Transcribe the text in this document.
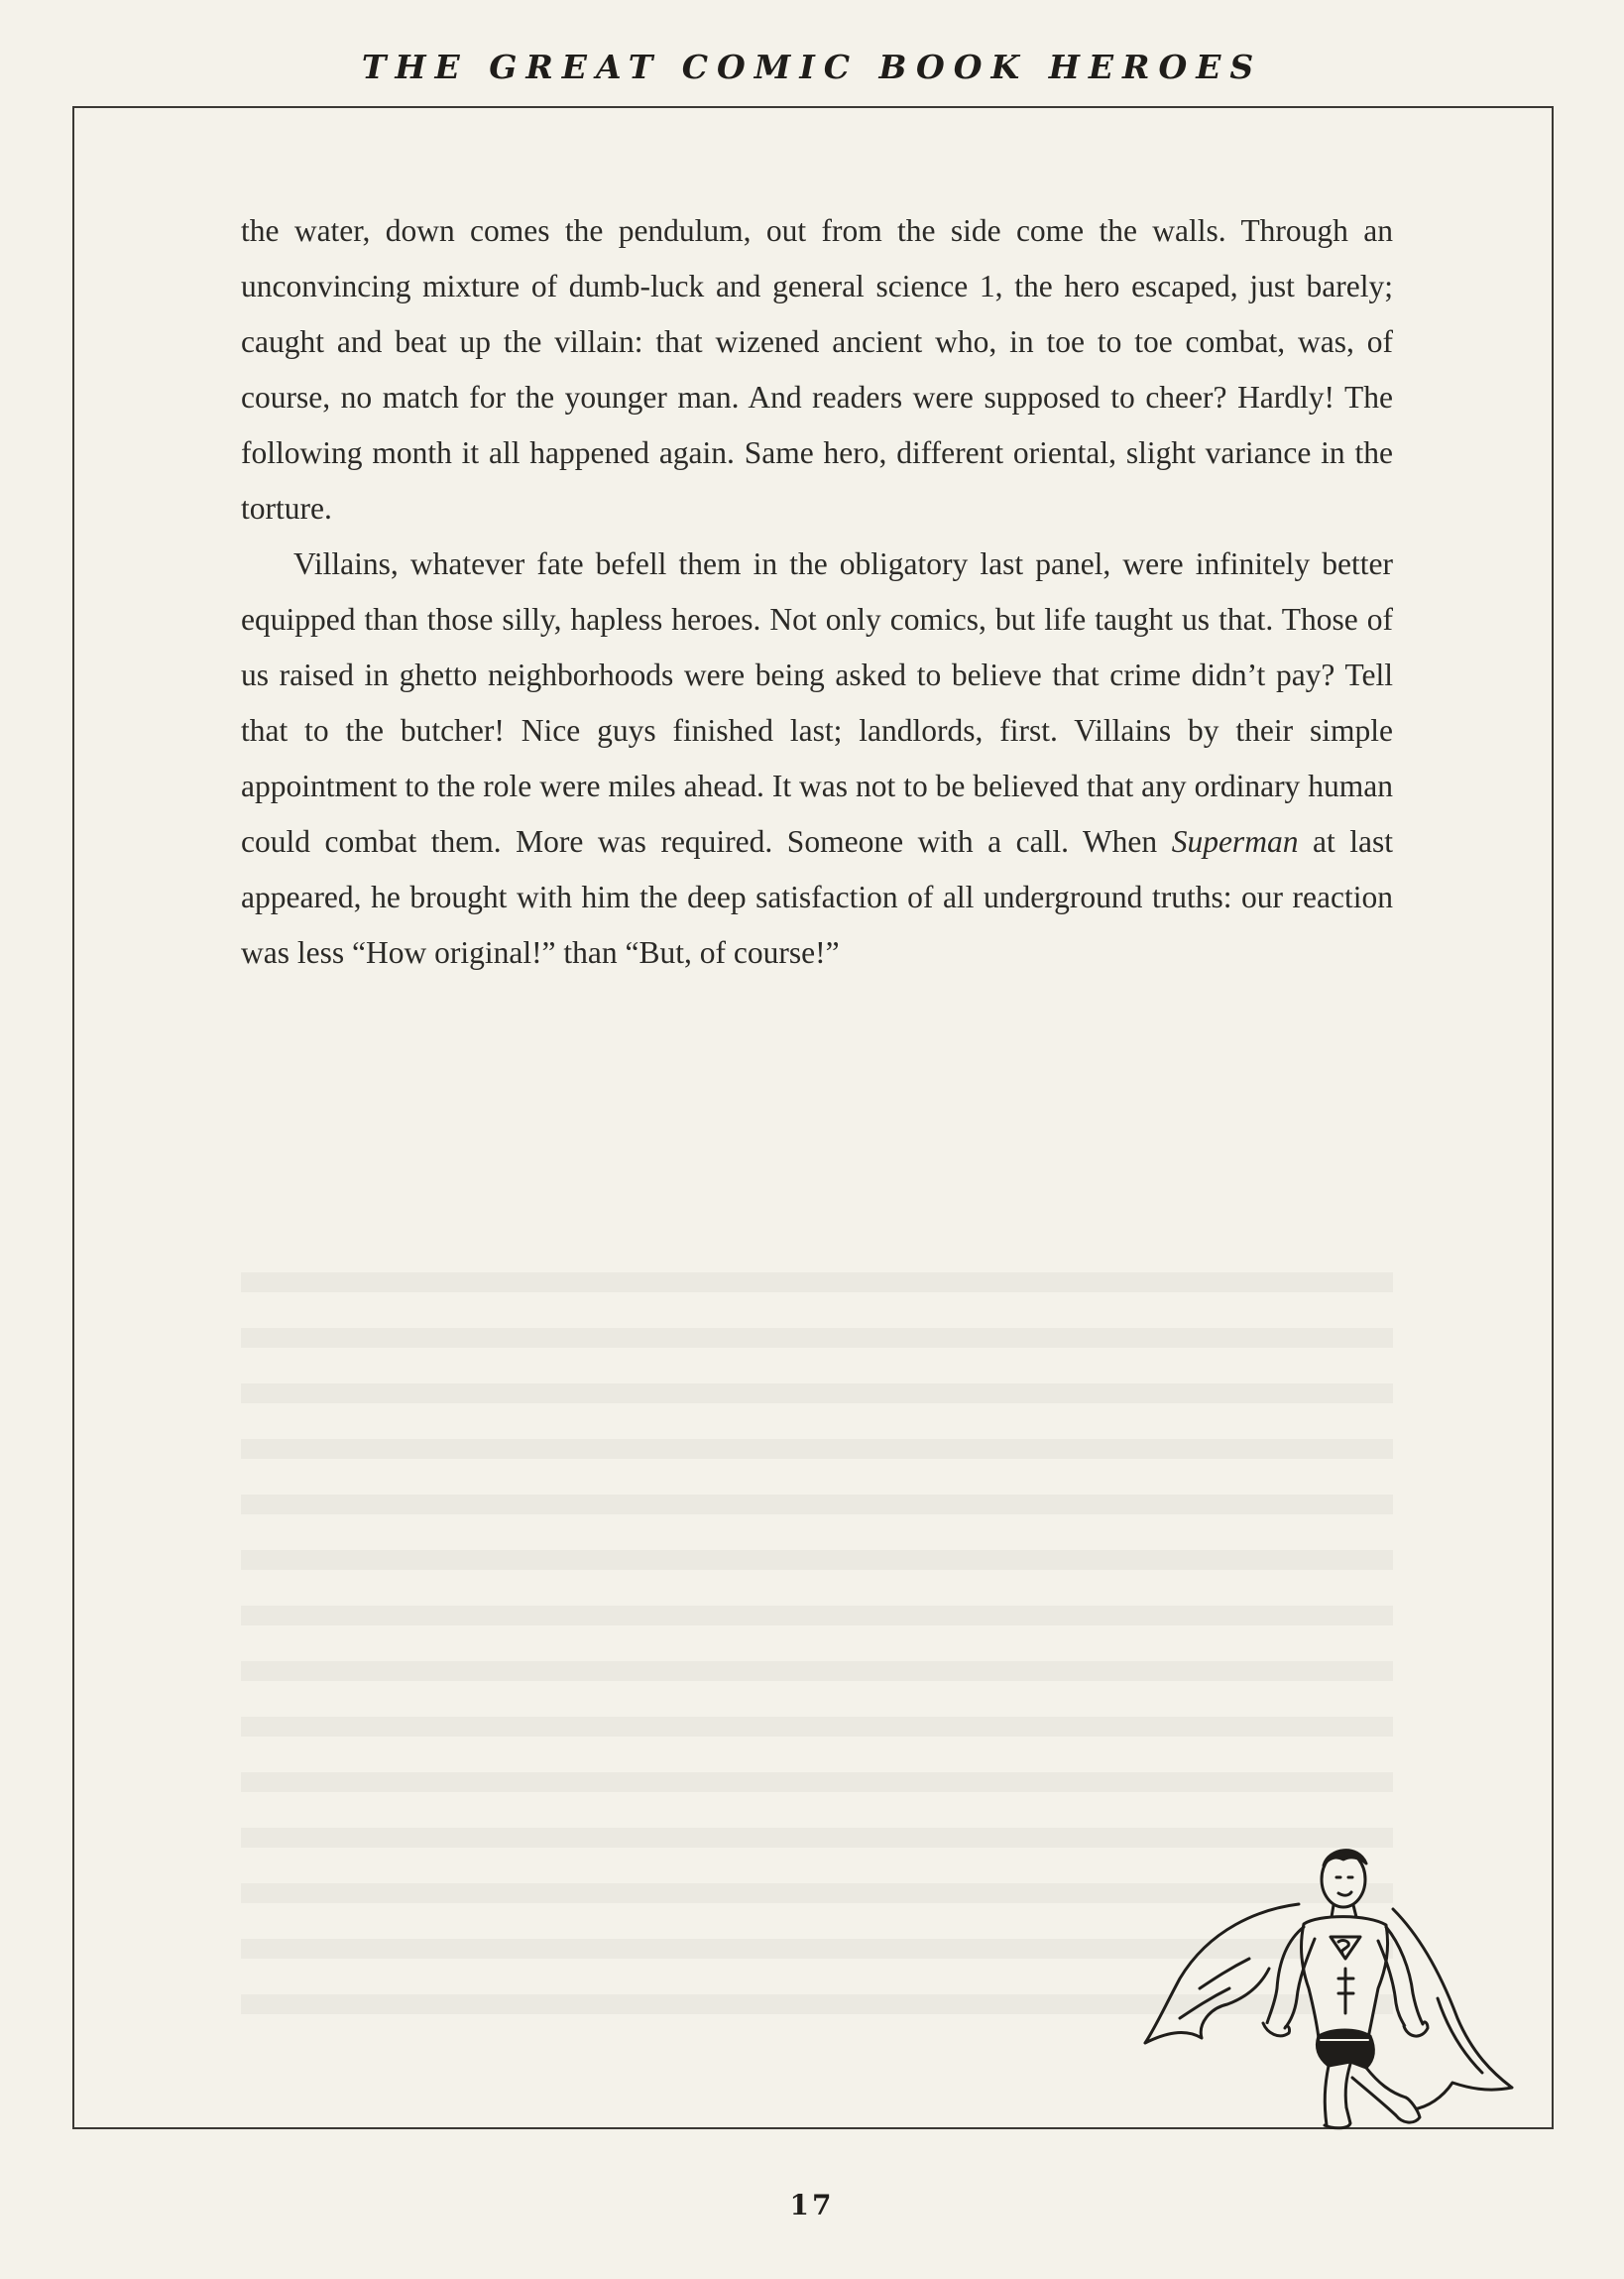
THE GREAT COMIC BOOK HEROES

the water, down comes the pendulum, out from the side come the walls. Through an unconvincing mixture of dumb-luck and general science 1, the hero escaped, just barely; caught and beat up the villain: that wizened ancient who, in toe to toe combat, was, of course, no match for the younger man. And readers were supposed to cheer? Hardly! The following month it all happened again. Same hero, different oriental, slight variance in the torture.

Villains, whatever fate befell them in the obligatory last panel, were infinitely better equipped than those silly, hapless heroes. Not only comics, but life taught us that. Those of us raised in ghetto neighborhoods were being asked to believe that crime didn’t pay? Tell that to the butcher! Nice guys finished last; landlords, first. Villains by their simple appointment to the role were miles ahead. It was not to be believed that any ordinary human could combat them. More was required. Someone with a call. When Superman at last appeared, he brought with him the deep satisfaction of all underground truths: our reaction was less “How original!” than “But, of course!”

17
